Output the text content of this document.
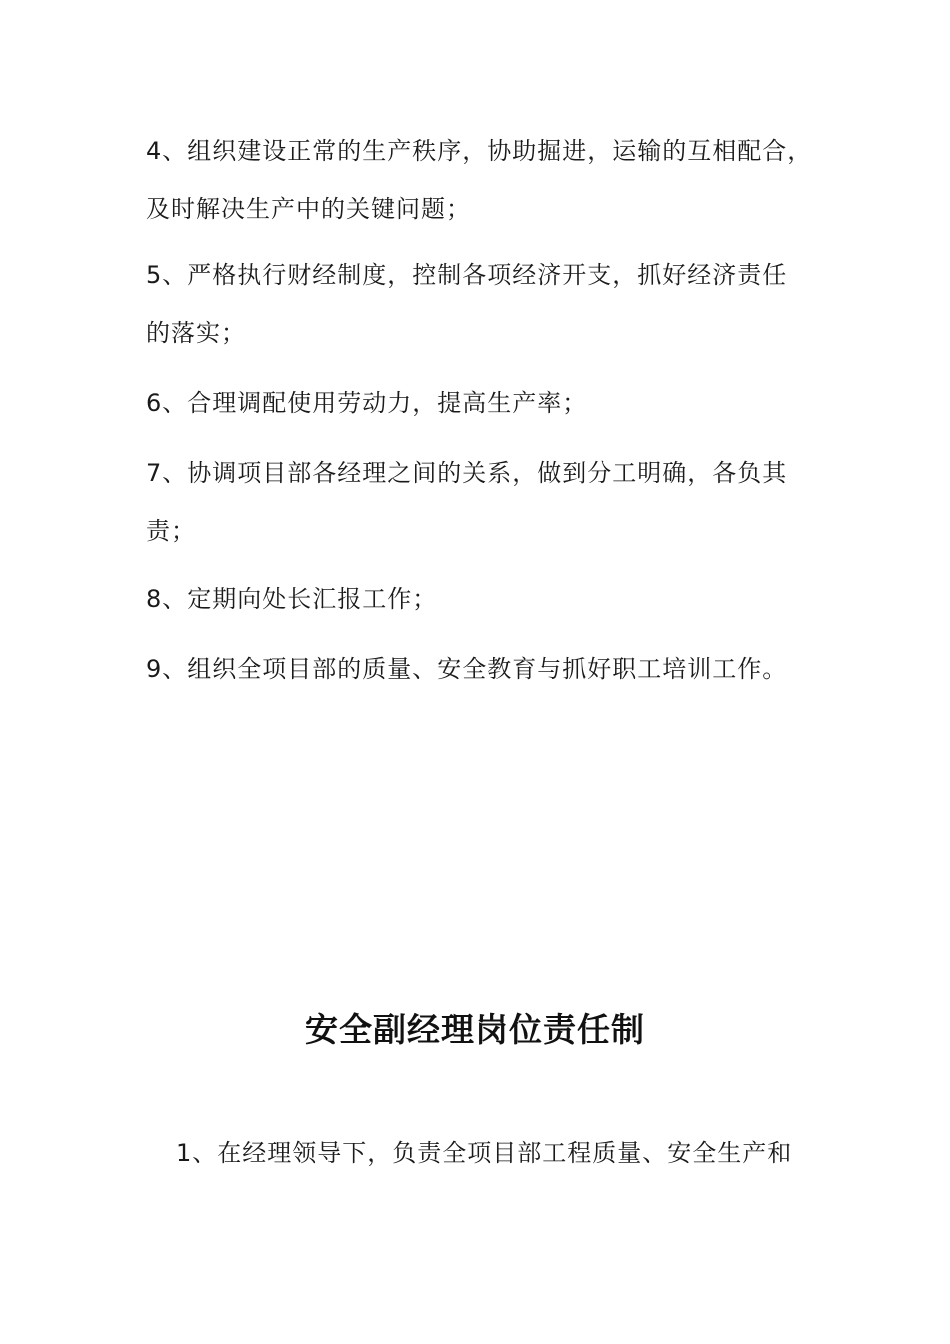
4、组织建设正常的生产秩序，协助掘进，运输的互相配合，
及时解决生产中的关键问题；
5、严格执行财经制度，控制各项经济开支，抓好经济责任
的落实；
6、合理调配使用劳动力，提高生产率；
7、协调项目部各经理之间的关系，做到分工明确，各负其
责；
8、定期向处长汇报工作；
9、组织全项目部的质量、安全教育与抓好职工培训工作。
安全副经理岗位责任制
1、在经理领导下，负责全项目部工程质量、安全生产和
